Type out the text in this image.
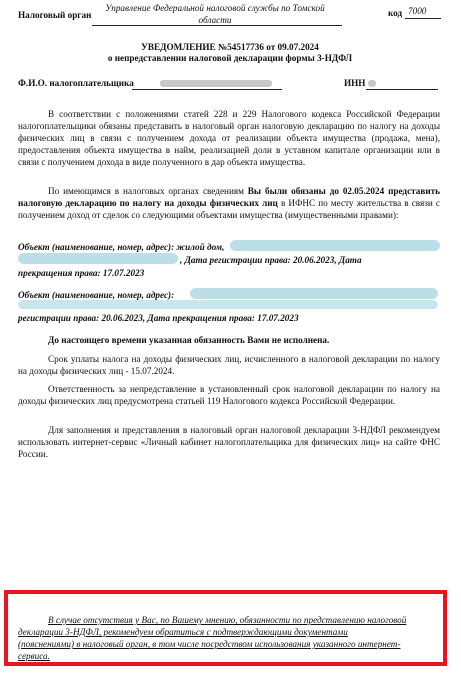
Налоговый орган
Управление Федеральной налоговой службы по Томской области
код 7000
УВЕДОМЛЕНИЕ №54517736 от 09.07.2024
о непредставлении налоговой декларации формы 3-НДФЛ
Ф.И.О. налогоплательщика	ИНН
В соответствии с положениями статей 228 и 229 Налогового кодекса Российской Федерации налогоплательщики обязаны представить в налоговый орган налоговую декларацию по налогу на доходы физических лиц в связи с получением дохода от реализации объекта имущества (продажа, мена), предоставления объекта имущества в найм, реализацией доли в уставном капитале организации или в связи с получением дохода в виде полученного в дар объекта имущества.
По имеющимся в налоговых органах сведениям Вы были обязаны до 02.05.2024 представить налоговую декларацию по налогу на доходы физических лиц в ИФНС по месту жительства в связи с получением доход от сделок со следующими объектами имущества (имущественными правами):
Объект (наименование, номер, адрес): жилой дом,
, Дата регистрации права: 20.06.2023, Дата
прекращения права: 17.07.2023
Объект (наименование, номер, адрес):
регистрации права: 20.06.2023, Дата прекращения права: 17.07.2023
До настоящего времени указанная обязанность Вами не исполнена.
Срок уплаты налога на доходы физических лиц, исчисленного в налоговой декларации по налогу на доходы физических лиц - 15.07.2024.
Ответственность за непредставление в установленный срок налоговой декларации по налогу на доходы физических лиц предусмотрена статьей 119 Налогового кодекса Российской Федерации.
Для заполнения и представления в налоговый орган налоговой декларации 3-НДФЛ рекомендуем использовать интернет-сервис «Личный кабинет налогоплательщика для физических лиц» на сайте ФНС России.
В случае отсутствия у Вас, по Вашему мнению, обязанности по представлению налоговой
декларации 3-НДФЛ, рекомендуем обратиться с подтверждающими документами
(пояснениями) в налоговый орган, в том числе посредством использования указанного интернет-
сервиса.
